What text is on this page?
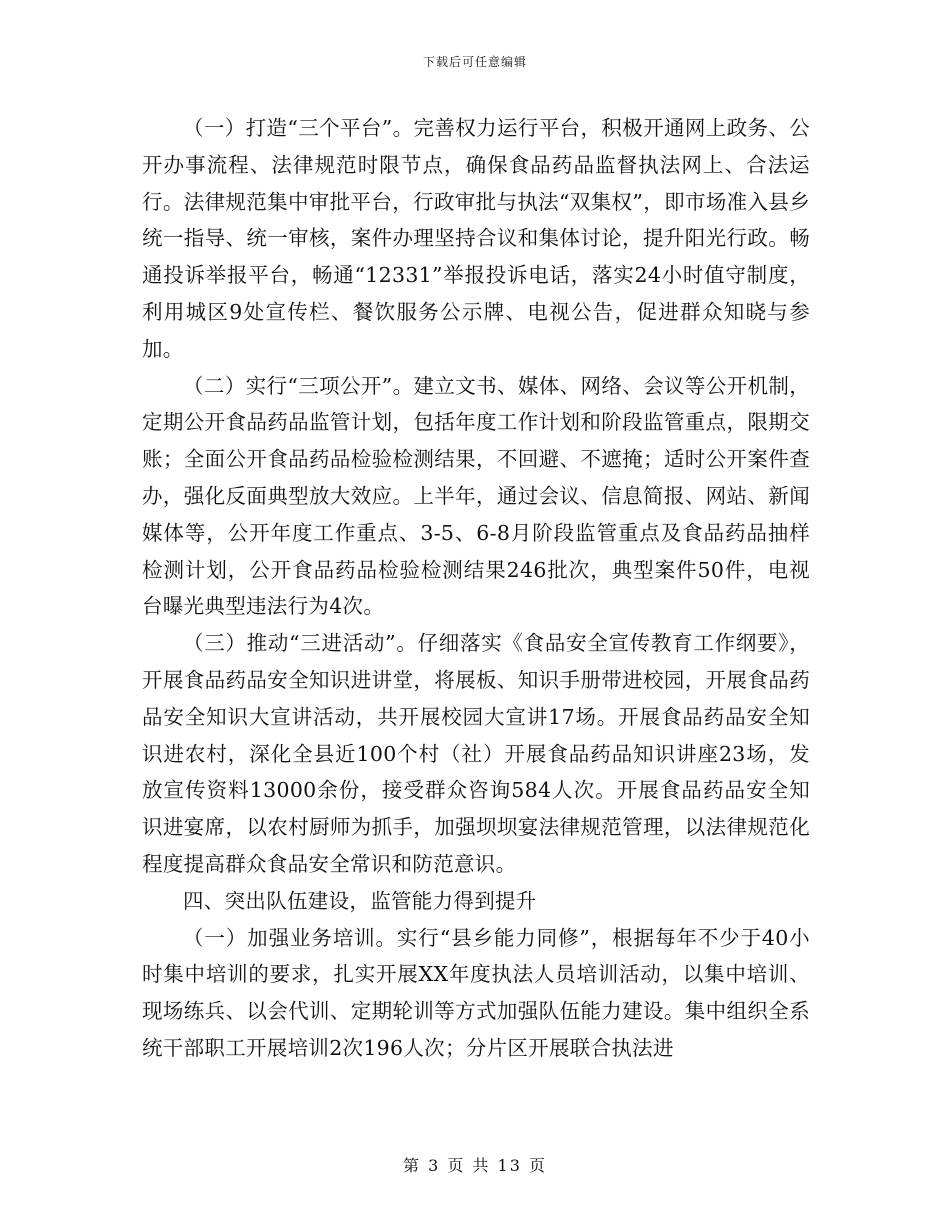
下载后可任意编辑

（一）打造“三个平台”。完善权力运行平台，积极开通网上政务、公开办事流程、法律规范时限节点，确保食品药品监督执法网上、合法运行。法律规范集中审批平台，行政审批与执法“双集权”，即市场准入县乡统一指导、统一审核，案件办理坚持合议和集体讨论，提升阳光行政。畅通投诉举报平台，畅通“12331”举报投诉电话，落实24小时值守制度，利用城区9处宣传栏、餐饮服务公示牌、电视公告，促进群众知晓与参加。

（二）实行“三项公开”。建立文书、媒体、网络、会议等公开机制，定期公开食品药品监管计划，包括年度工作计划和阶段监管重点，限期交账；全面公开食品药品检验检测结果，不回避、不遮掩；适时公开案件查办，强化反面典型放大效应。上半年，通过会议、信息简报、网站、新闻媒体等，公开年度工作重点、3-5、6-8月阶段监管重点及食品药品抽样检测计划，公开食品药品检验检测结果246批次，典型案件50件，电视台曝光典型违法行为4次。

（三）推动“三进活动”。仔细落实《食品安全宣传教育工作纲要》，开展食品药品安全知识进讲堂，将展板、知识手册带进校园，开展食品药品安全知识大宣讲活动，共开展校园大宣讲17场。开展食品药品安全知识进农村，深化全县近100个村（社）开展食品药品知识讲座23场，发放宣传资料13000余份，接受群众咨询584人次。开展食品药品安全知识进宴席，以农村厨师为抓手，加强坝坝宴法律规范管理，以法律规范化程度提高群众食品安全常识和防范意识。

四、突出队伍建设，监管能力得到提升

（一）加强业务培训。实行“县乡能力同修”，根据每年不少于40小时集中培训的要求，扎实开展XX年度执法人员培训活动，以集中培训、现场练兵、以会代训、定期轮训等方式加强队伍能力建设。集中组织全系统干部职工开展培训2次196人次；分片区开展联合执法进

第 3 页 共 13 页
